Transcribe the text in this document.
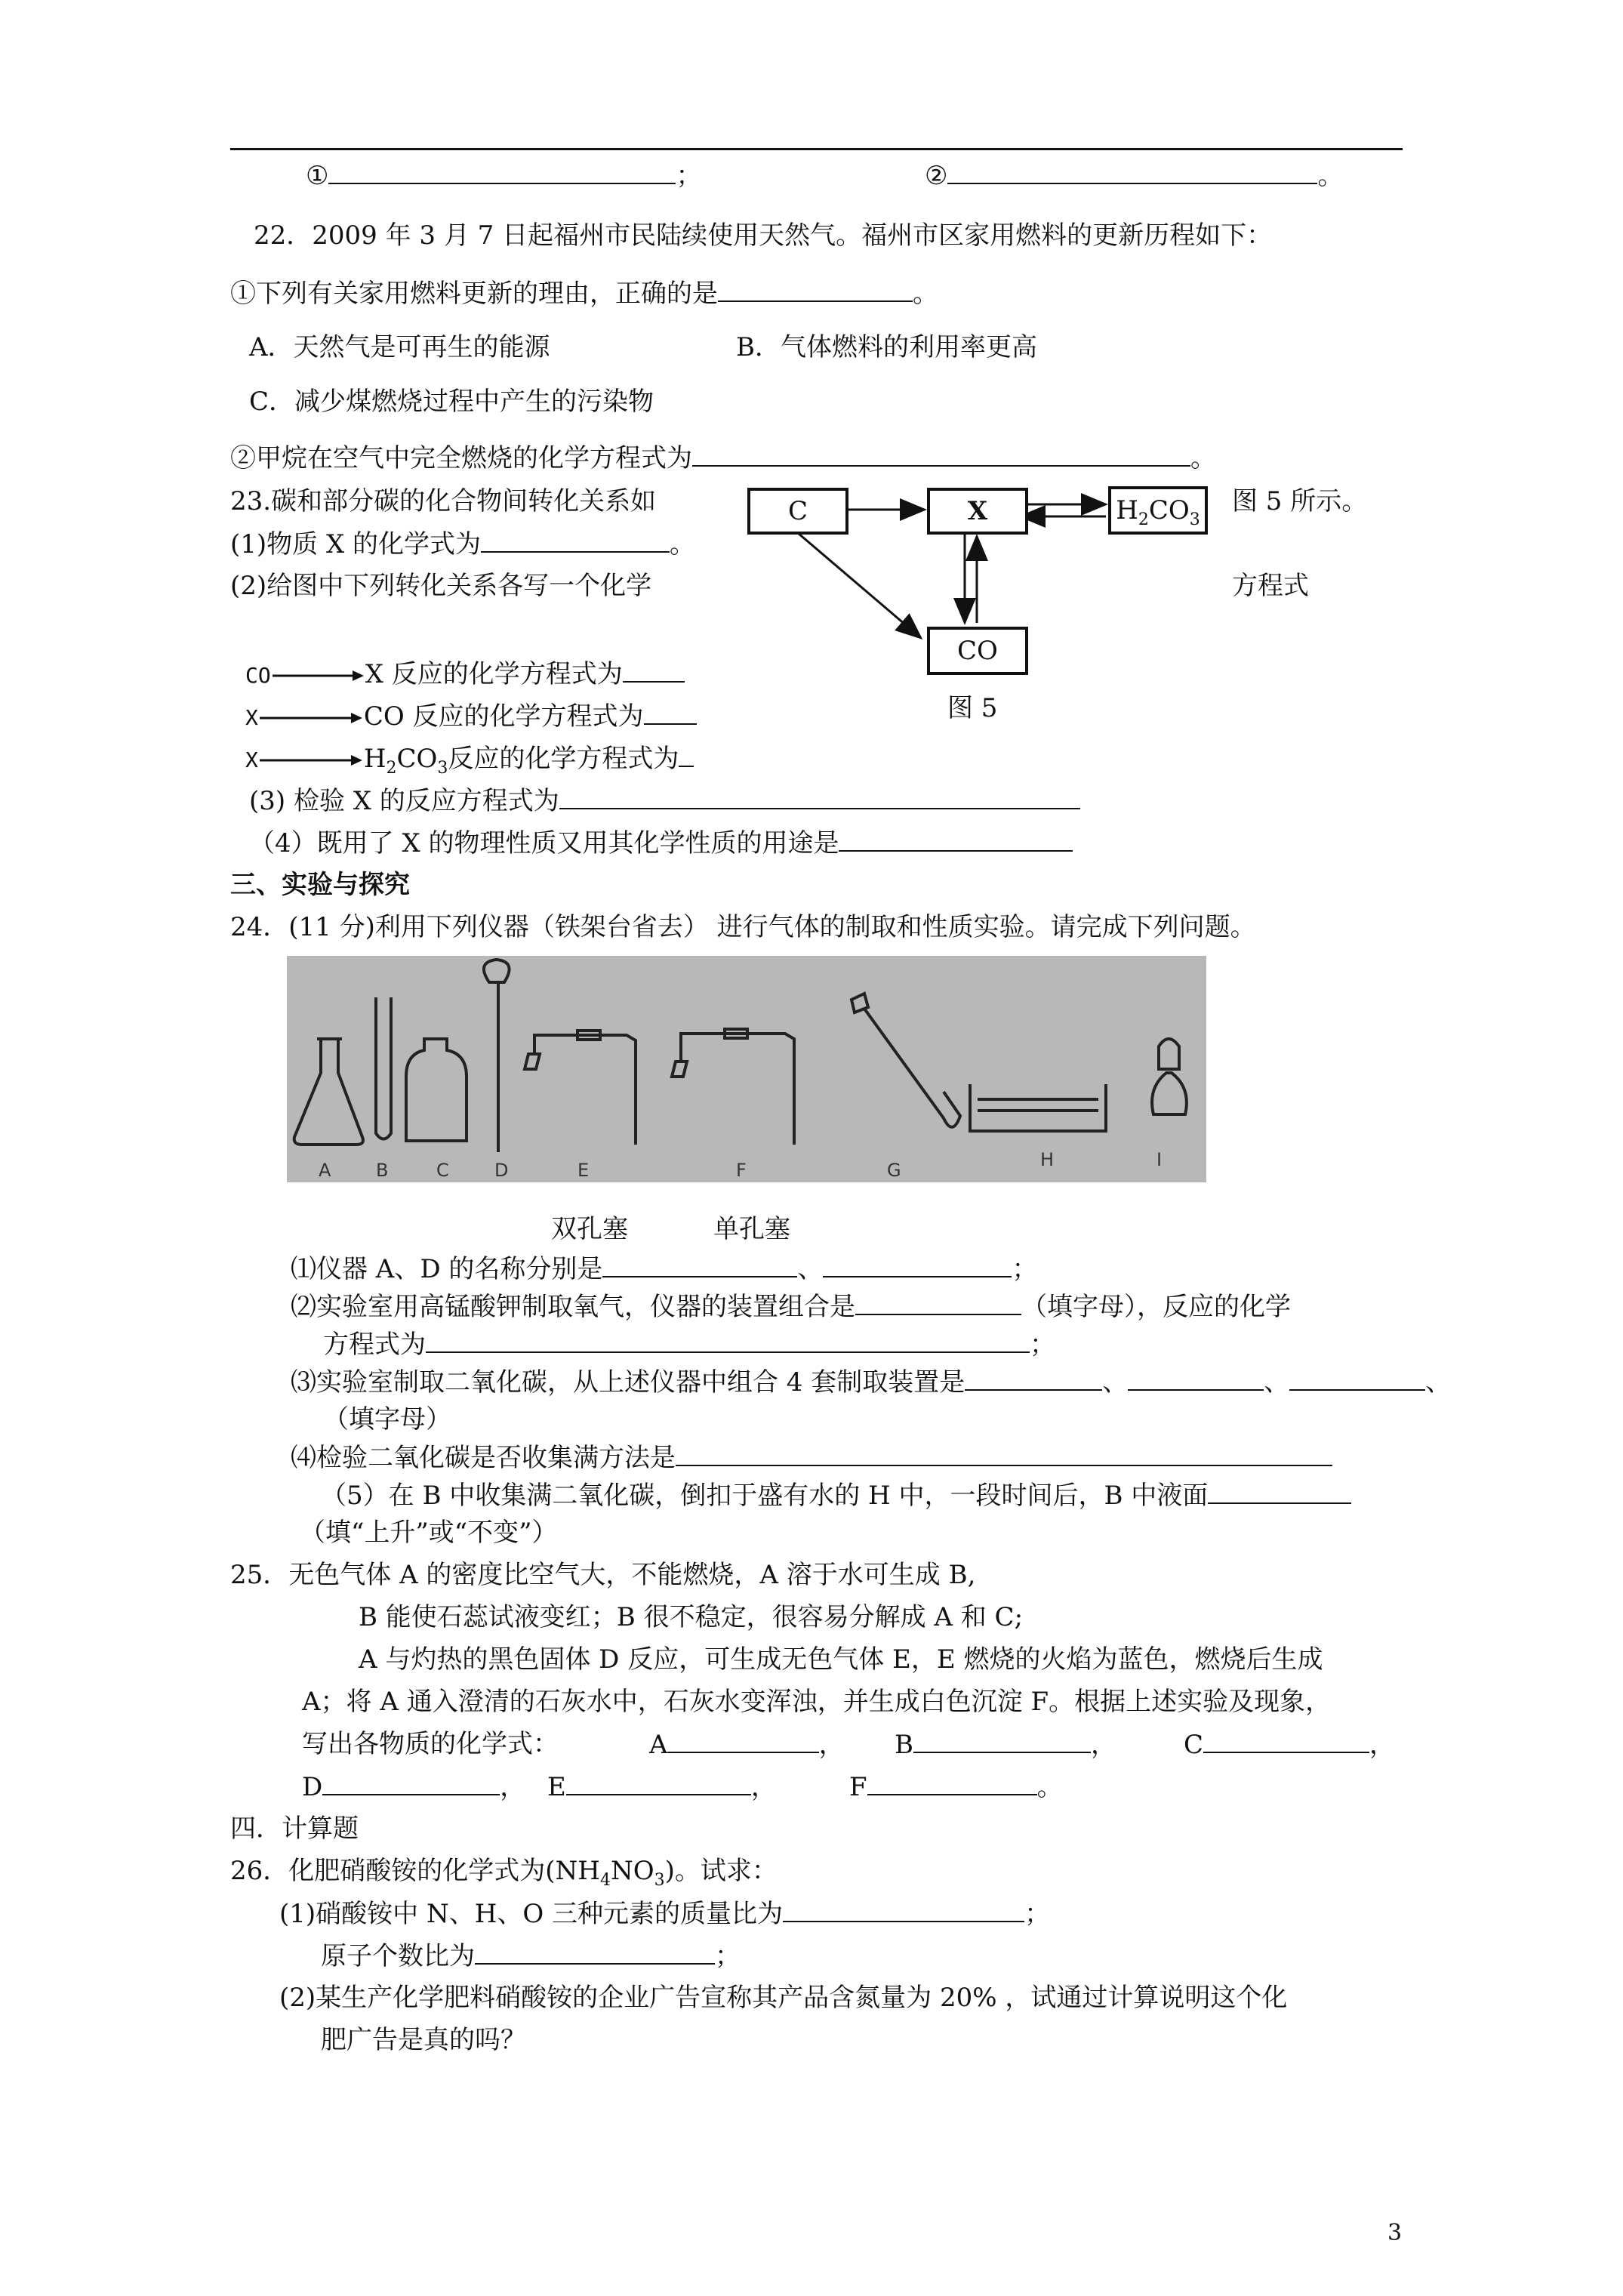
①	；	②	。
22．2009 年 3 月 7 日起福州市民陆续使用天然气。福州市区家用燃料的更新历程如下：
①下列有关家用燃料更新的理由，正确的是	。
A．天然气是可再生的能源	B．气体燃料的利用率更高
C．减少煤燃烧过程中产生的污染物
②甲烷在空气中完全燃烧的化学方程式为	。
23.碳和部分碳的化合物间转化关系如	图 5 所示。
(1)物质 X 的化学式为	。
(2)给图中下列转化关系各写一个化学	方程式
C	X	$H_2CO_3$
CO
图 5
CO	X 反应的化学方程式为
X	CO 反应的化学方程式为
X	$H_2CO_3$反应的化学方程式为
(3) 检验 X 的反应方程式为
（4）既用了 X 的物理性质又用其化学性质的用途是
三、实验与探究
24．(11 分)利用下列仪器（铁架台省去） 进行气体的制取和性质实验。请完成下列问题。
A B	C	D	E	F	G	H	I
双孔塞	单孔塞
⑴仪器 A、D 的名称分别是	、	；
⑵实验室用高锰酸钾制取氧气，仪器的装置组合是	（填字母），反应的化学
方程式为	；
⑶实验室制取二氧化碳，从上述仪器中组合 4 套制取装置是	、	、	、
（填字母）
⑷检验二氧化碳是否收集满方法是
（5）在 B 中收集满二氧化碳，倒扣于盛有水的 H 中，一段时间后，B 中液面
（填“上升”或“不变”）
25．无色气体 A 的密度比空气大，不能燃烧，A 溶于水可生成 B,
B 能使石蕊试液变红；B 很不稳定，很容易分解成 A 和 C;
A 与灼热的黑色固体 D 反应，可生成无色气体 E，E 燃烧的火焰为蓝色，燃烧后生成
A；将 A 通入澄清的石灰水中，石灰水变浑浊，并生成白色沉淀 F。根据上述实验及现象，
写出各物质的化学式：	A	， B	，	C	，
D	， E	，	F	。
四．计算题
26．化肥硝酸铵的化学式为$(NH_4NO_3)$。试求：
(1)硝酸铵中 N、H、O 三种元素的质量比为	；
原子个数比为	；
(2)某生产化学肥料硝酸铵的企业广告宣称其产品含氮量为 20% ，试通过计算说明这个化
肥广告是真的吗？
3
